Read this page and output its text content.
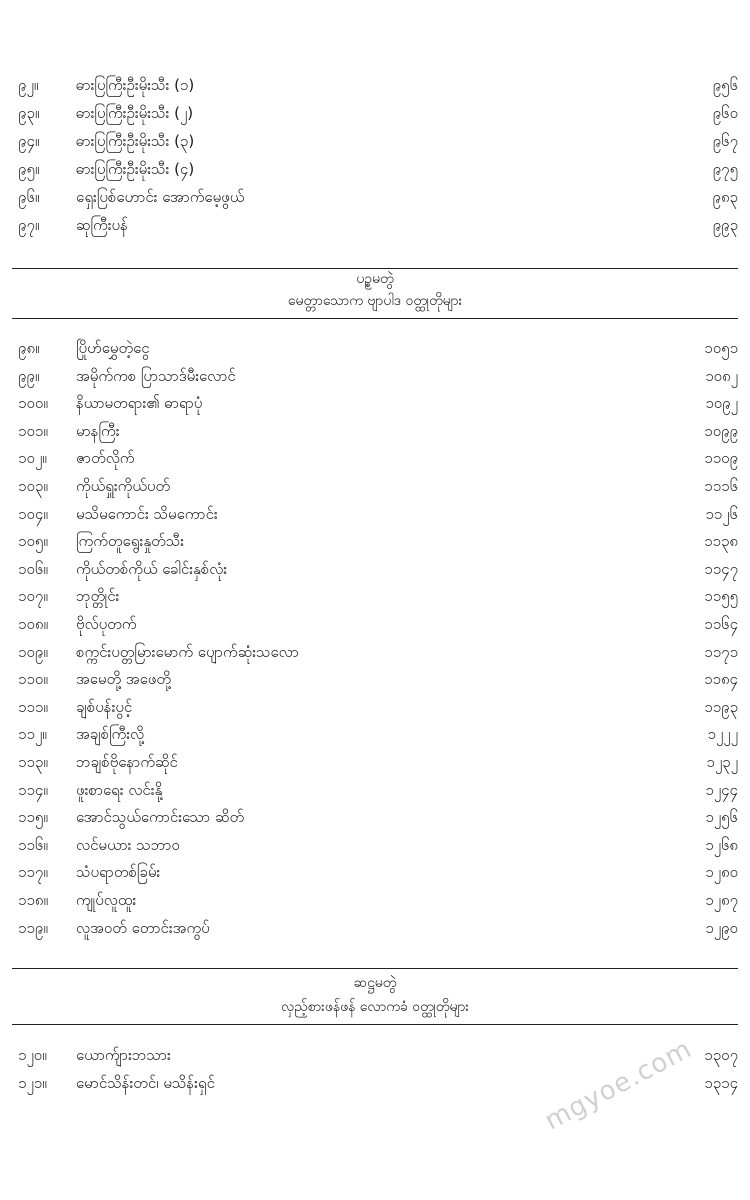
၉၂။	ဓားပြကြီးဦးမိုးသီး (၁)	၉၅၆
၉၃။	ဓားပြကြီးဦးမိုးသီး (၂)	၉၆၀
၉၄။	ဓားပြကြီးဦးမိုးသီး (၃)	၉၆၇
၉၅။	ဓားပြကြီးဦးမိုးသီး (၄)	၉၇၅
၉၆။	ရှေးပြစ်ဟောင်း အောက်မေ့ဖွယ်	၉၈၃
၉၇။	ဆုကြီးပန်	၉၉၃
ပဥ္စမတွဲ
မေတ္တာသောက ဗျာပါဒ ဝတ္ထုတိုများ
၉၈။	ပြိုဟ်မွှေတဲ့ငွေ	၁၀၅၁
၉၉။	အမိုက်ကစ ပြာသာဒ်မီးလောင်	၁၀၈၂
၁၀၀။	နိယာမတရား၏ ဓာရာပုံ	၁၀၉၂
၁၀၁။	မာနကြီး	၁၀၉၉
၁၀၂။	ဇာတ်လိုက်	၁၁၀၉
၁၀၃။	ကိုယ်ရှူးကိုယ်ပတ်	၁၁၁၆
၁၀၄။	မသိမကောင်း သိမကောင်း	၁၁၂၆
၁၀၅။	ကြက်တူရွေးနှုတ်သီး	၁၁၃၈
၁၀၆။	ကိုယ်တစ်ကိုယ် ခေါင်းနှစ်လုံး	၁၁၄၇
၁၀၇။	ဘုတ္တိုင်း	၁၁၅၅
၁၀၈။	ဗိုလ်ပုတက်	၁၁၆၄
၁၀၉။	စက္ကင်းပတ္တမြားမောက် ပျောက်ဆုံးသလော	၁၁၇၁
၁၁၀။	အမေတို့ အဖေတို့	၁၁၈၄
၁၁၁။	ချစ်ပန်းပွင့်	၁၁၉၃
၁၁၂။	အချစ်ကြီးလို့	၁၂၂၂
၁၁၃။	ဘချစ်ဗိုနောက်ဆိုင်	၁၂၃၂
၁၁၄။	ဖူးစာရေး လင်းနို့	၁၂၄၄
၁၁၅။	အောင်သွယ်ကောင်းသော ဆိတ်	၁၂၅၆
၁၁၆။	လင်မယား သဘာဝ	၁၂၆၈
၁၁၇။	သံပရာတစ်ခြမ်း	၁၂၈၀
၁၁၈။	ကျုပ်လူထူး	၁၂၈၇
၁၁၉။	လူအဝတ် တောင်းအကွပ်	၁၂၉၀
ဆဋ္ဌမတွဲ
လှည့်စားဖန်ဖန် လောကခံ ဝတ္ထုတိုများ
၁၂၀။	ယောက်ျားဘသား	၁၃၀၇
၁၂၁။	မောင်သိန်းတင်၊ မသိန်းရှင်	၁၃၁၄
mgyoe.com
